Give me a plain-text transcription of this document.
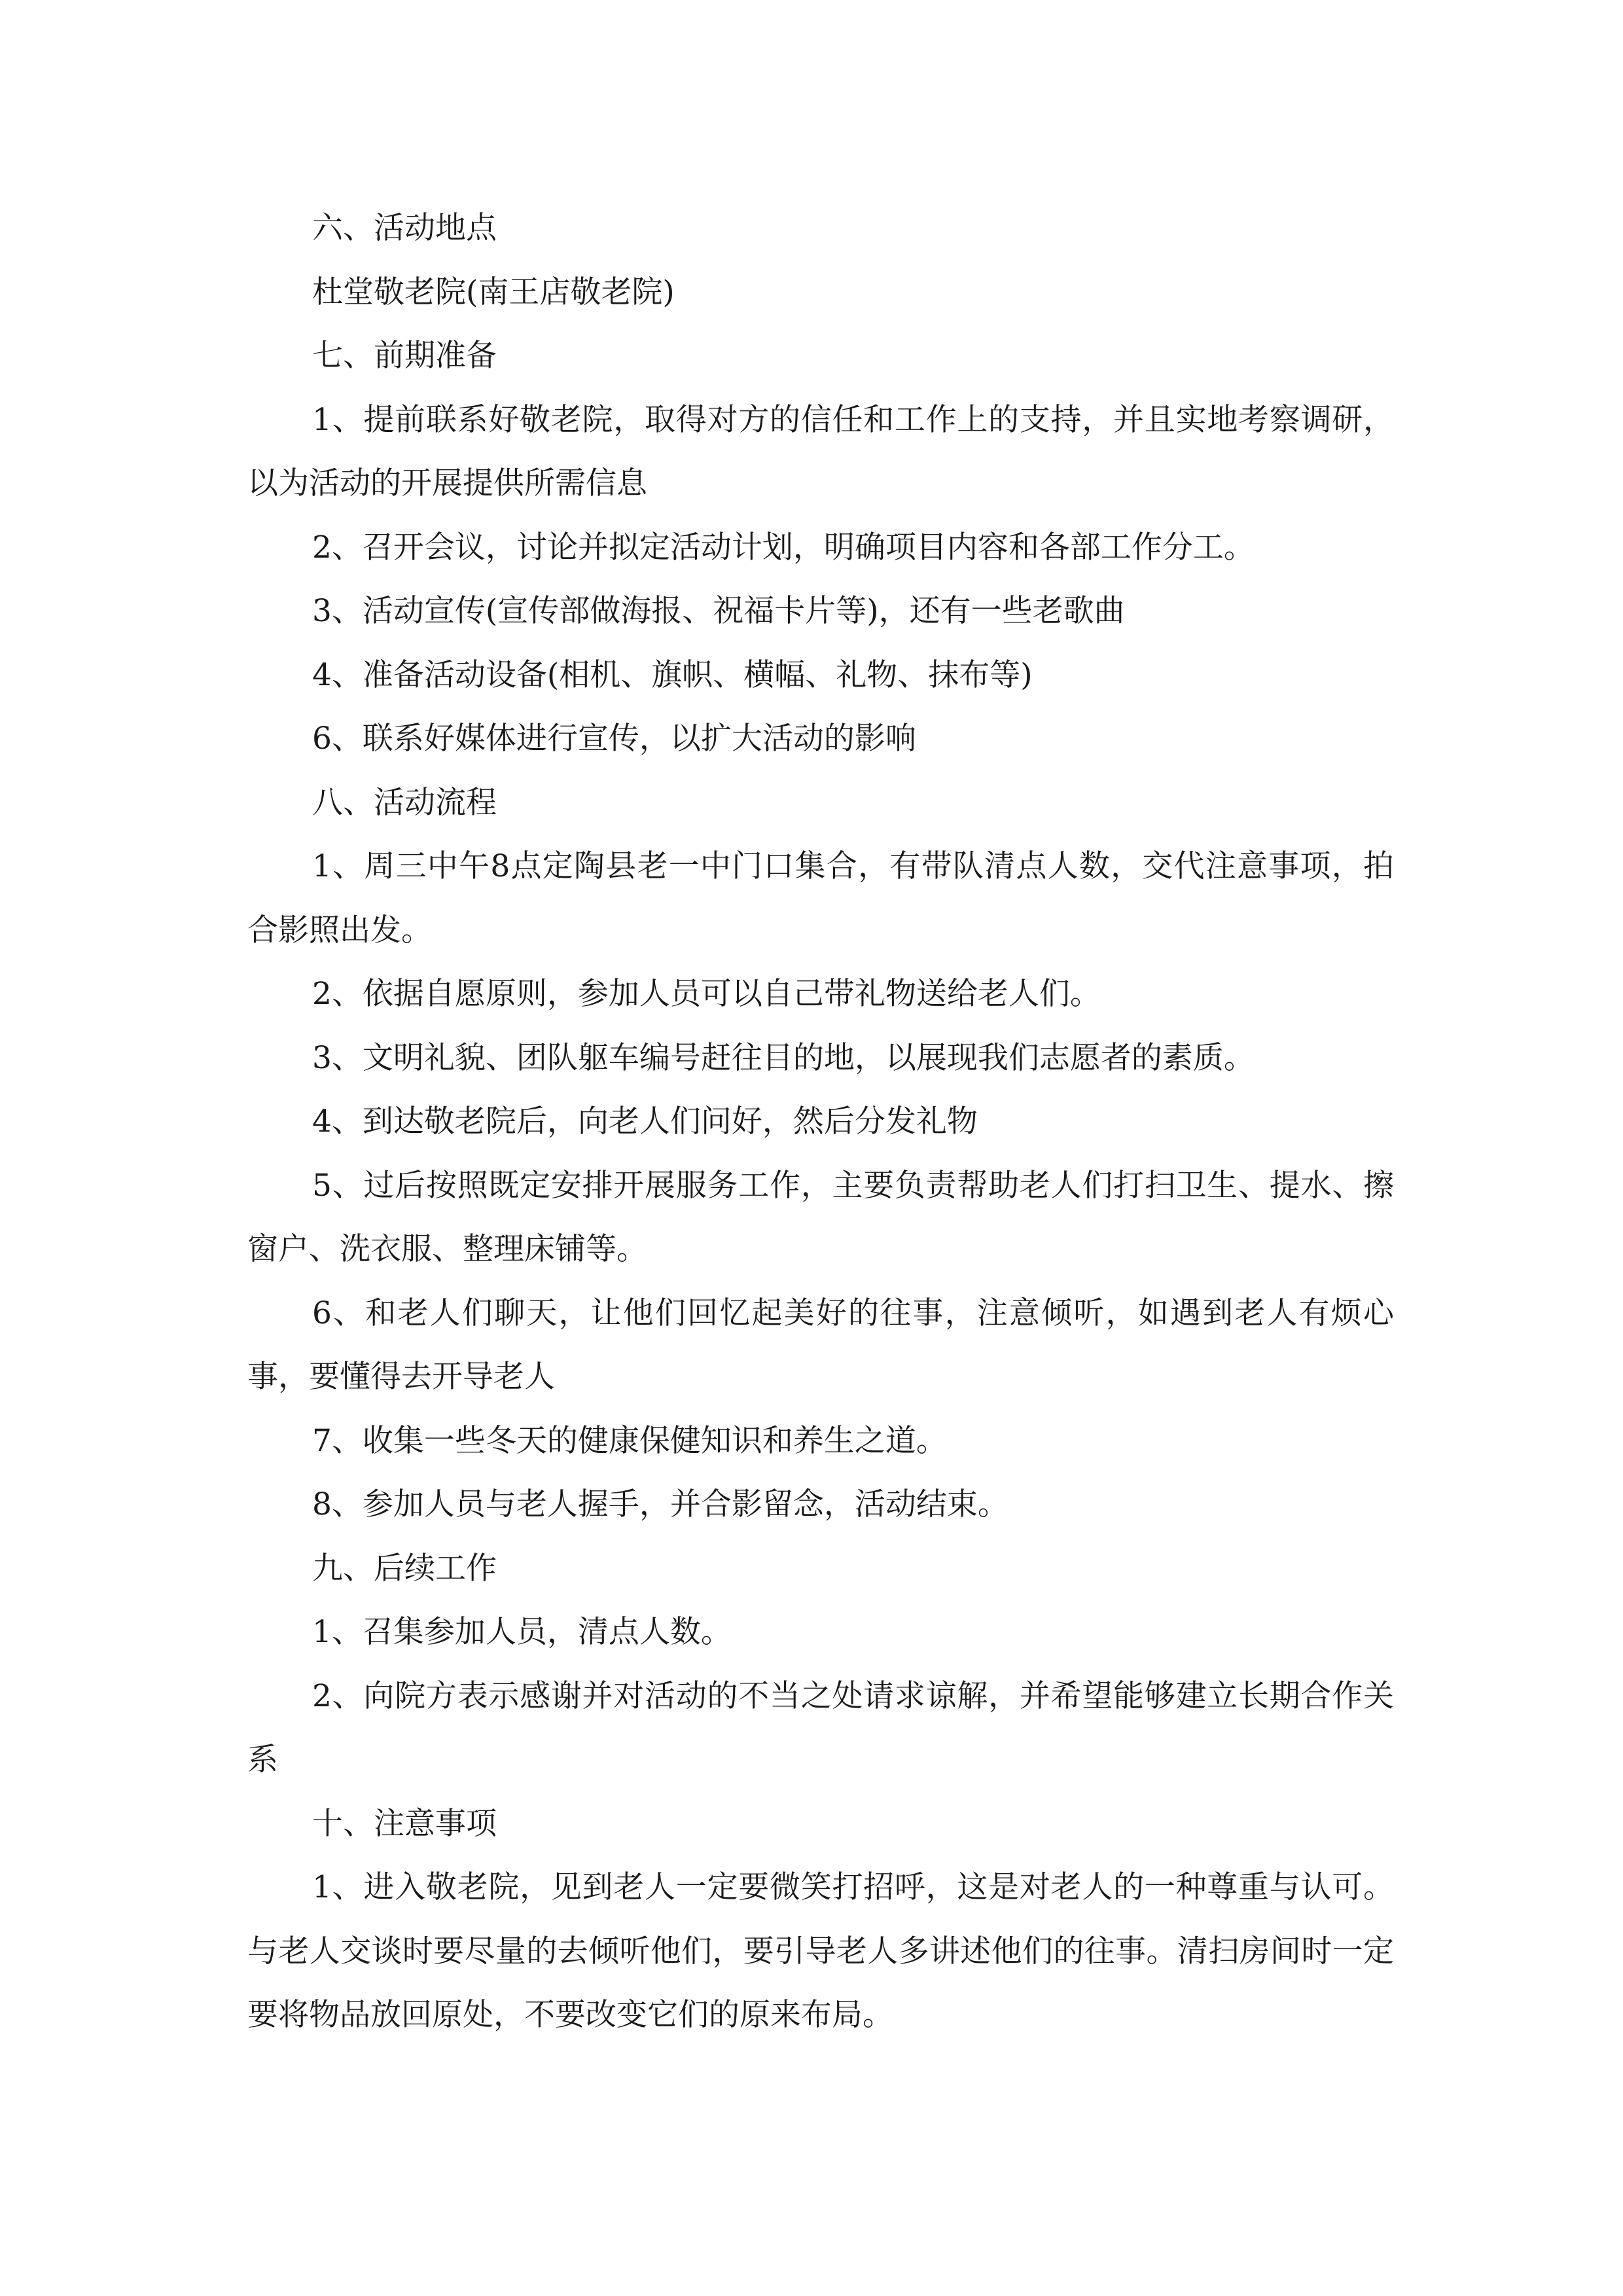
六、活动地点

杜堂敬老院(南王店敬老院)

七、前期准备

1、提前联系好敬老院，取得对方的信任和工作上的支持，并且实地考察调研，以为活动的开展提供所需信息

2、召开会议，讨论并拟定活动计划，明确项目内容和各部工作分工。

3、活动宣传(宣传部做海报、祝福卡片等)，还有一些老歌曲

4、准备活动设备(相机、旗帜、横幅、礼物、抹布等)

6、联系好媒体进行宣传，以扩大活动的影响

八、活动流程

1、周三中午8点定陶县老一中门口集合，有带队清点人数，交代注意事项，拍合影照出发。

2、依据自愿原则，参加人员可以自己带礼物送给老人们。

3、文明礼貌、团队躯车编号赶往目的地，以展现我们志愿者的素质。

4、到达敬老院后，向老人们问好，然后分发礼物

5、过后按照既定安排开展服务工作，主要负责帮助老人们打扫卫生、提水、擦窗户、洗衣服、整理床铺等。

6、和老人们聊天，让他们回忆起美好的往事，注意倾听，如遇到老人有烦心事，要懂得去开导老人

7、收集一些冬天的健康保健知识和养生之道。

8、参加人员与老人握手，并合影留念，活动结束。

九、后续工作

1、召集参加人员，清点人数。

2、向院方表示感谢并对活动的不当之处请求谅解，并希望能够建立长期合作关系

十、注意事项

1、进入敬老院，见到老人一定要微笑打招呼，这是对老人的一种尊重与认可。与老人交谈时要尽量的去倾听他们，要引导老人多讲述他们的往事。清扫房间时一定要将物品放回原处，不要改变它们的原来布局。
